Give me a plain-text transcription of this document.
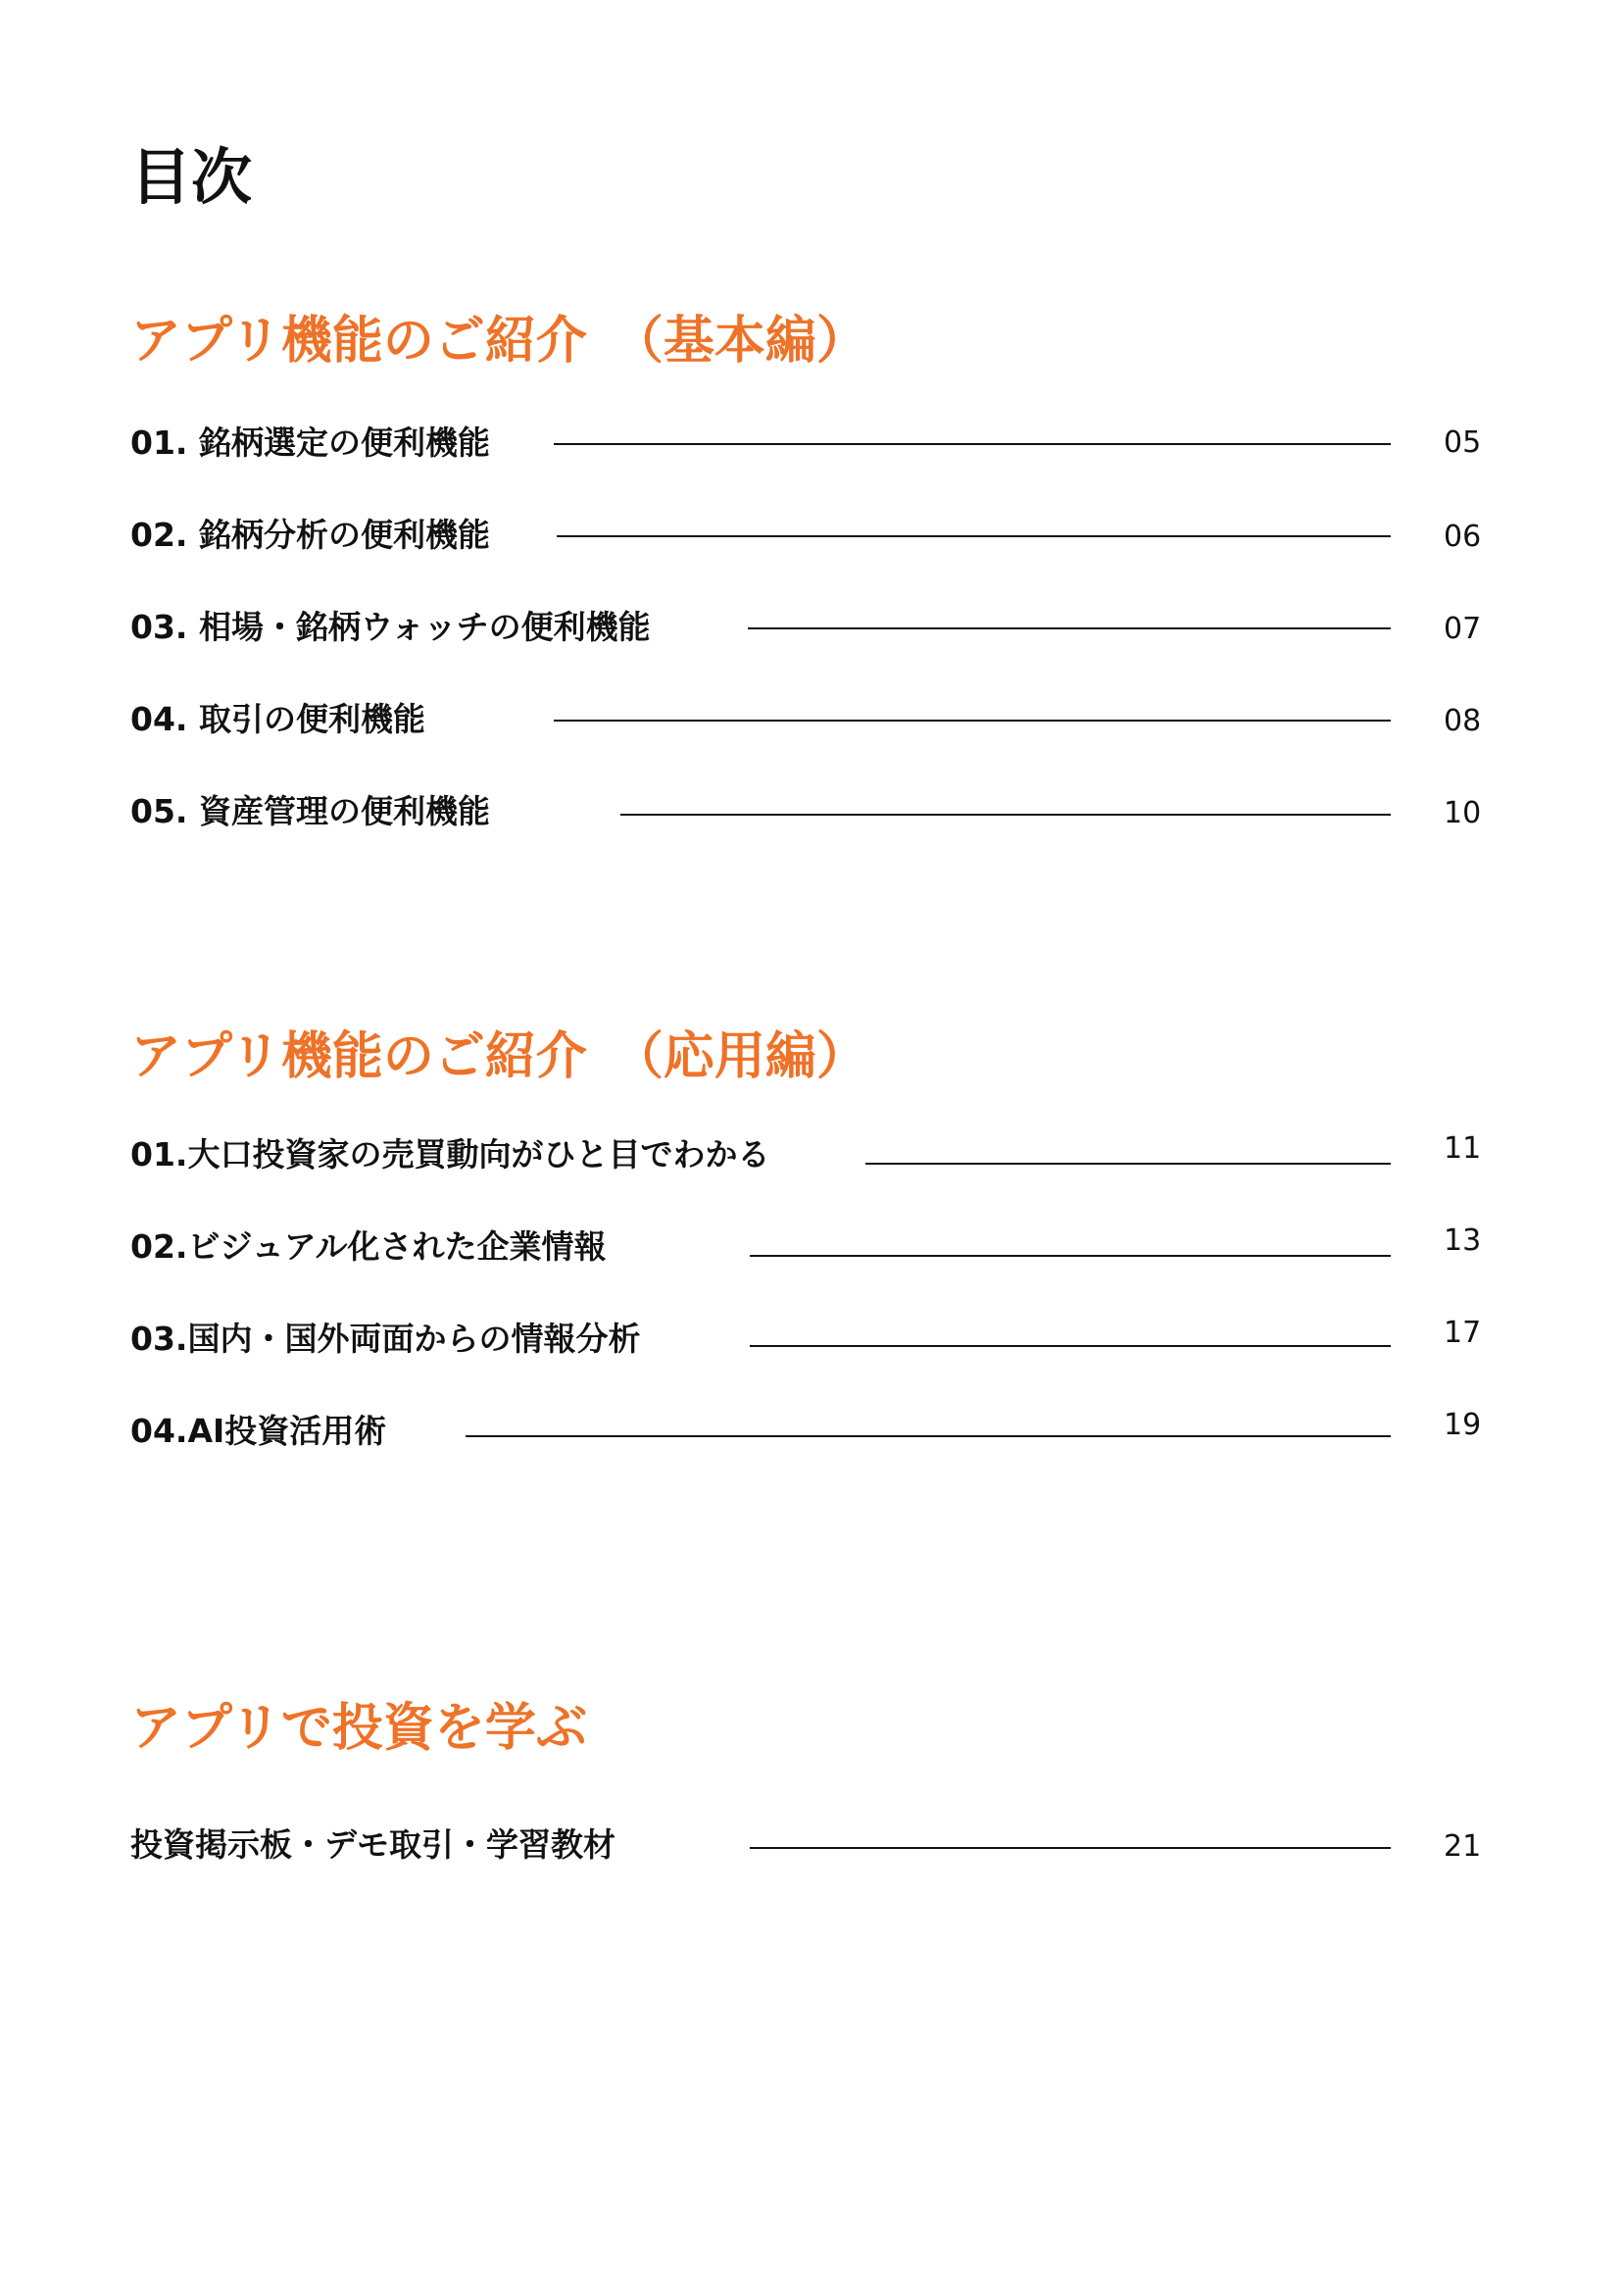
目次
アプリ機能のご紹介　（基本編）
01. 銘柄選定の便利機能	05
02. 銘柄分析の便利機能	06
03. 相場・銘柄ウォッチの便利機能	07
04. 取引の便利機能	08
05. 資産管理の便利機能	10
アプリ機能のご紹介　（応用編）
01.大口投資家の売買動向がひと目でわかる	11
02.ビジュアル化された企業情報	13
03.国内・国外両面からの情報分析	17
04.AI投資活用術	19
アプリで投資を学ぶ
投資掲示板・デモ取引・学習教材	21
